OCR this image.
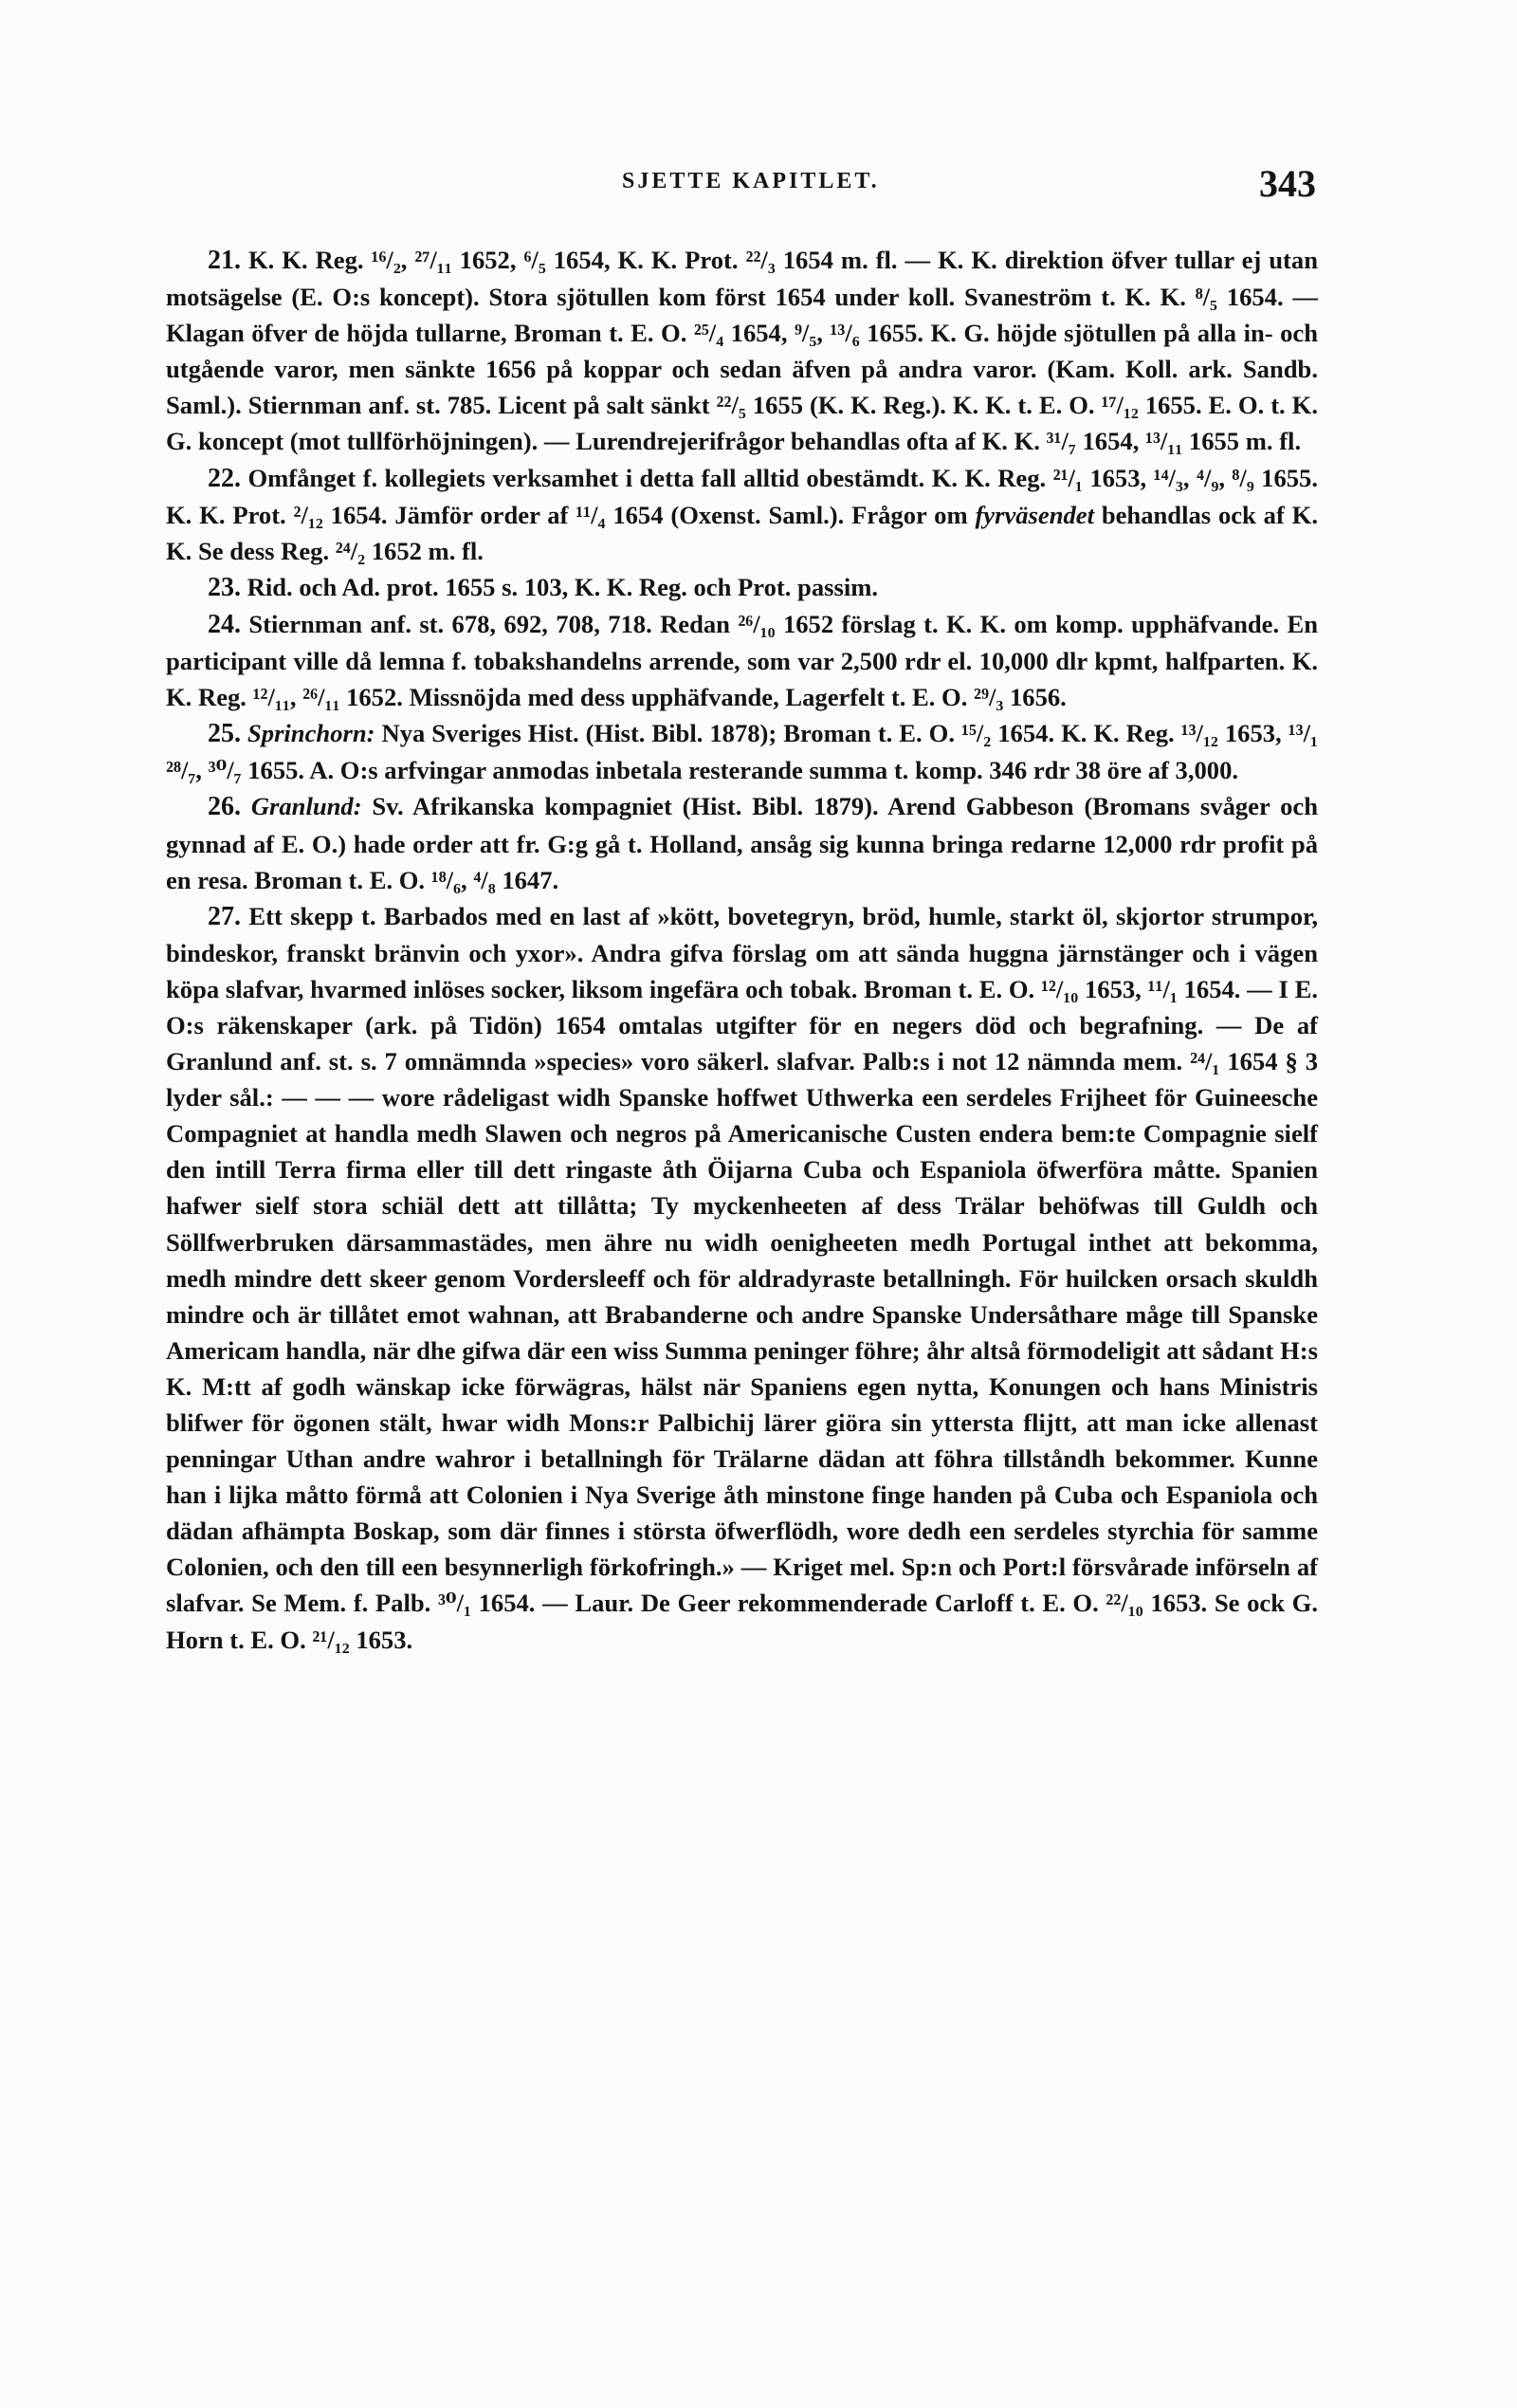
SJETTE KAPITLET.	343

21. K. K. Reg. ¹⁶/₂, ²⁷/₁₁ 1652, ⁶/₅ 1654, K. K. Prot. ²²/₃ 1654 m. fl. — K. K. direktion öfver tullar ej utan motsägelse (E. O:s koncept). Stora sjötullen kom först 1654 under koll. Svaneström t. K. K. ⁸/₅ 1654. — Klagan öfver de höjda tullarne, Broman t. E. O. ²⁵/₄ 1654, ⁹/₅, ¹³/₆ 1655. K. G. höjde sjötullen på alla in- och utgående varor, men sänkte 1656 på koppar och sedan äfven på andra varor. (Kam. Koll. ark. Sandb. Saml.). Stiernman anf. st. 785. Licent på salt sänkt ²²/₅ 1655 (K. K. Reg.). K. K. t. E. O. ¹⁷/₁₂ 1655. E. O. t. K. G. koncept (mot tullförhöjningen). — Lurendrejerifrågor behandlas ofta af K. K. ³¹/₇ 1654, ¹³/₁₁ 1655 m. fl.

22. Omfånget f. kollegiets verksamhet i detta fall alltid obestämdt. K. K. Reg. ²¹/₁ 1653, ¹⁴/₃, ⁴/₉, ⁸/₉ 1655. K. K. Prot. ²/₁₂ 1654. Jämför order af ¹¹/₄ 1654 (Oxenst. Saml.). Frågor om fyrväsendet behandlas ock af K. K. Se dess Reg. ²⁴/₂ 1652 m. fl.

23. Rid. och Ad. prot. 1655 s. 103, K. K. Reg. och Prot. passim.

24. Stiernman anf. st. 678, 692, 708, 718. Redan ²⁶/₁₀ 1652 förslag t. K. K. om komp. upphäfvande. En participant ville då lemna f. tobakshandelns arrende, som var 2,500 rdr el. 10,000 dlr kpmt, halfparten. K. K. Reg. ¹²/₁₁, ²⁶/₁₁ 1652. Missnöjda med dess upphäfvande, Lagerfelt t. E. O. ²⁹/₃ 1656.

25. Sprinchorn: Nya Sveriges Hist. (Hist. Bibl. 1878); Broman t. E. O. ¹⁵/₂ 1654. K. K. Reg. ¹³/₁₂ 1653, ¹³/₁ ²⁸/₇, ³⁰/₇ 1655. A. O:s arfvingar anmodas inbetala resterande summa t. komp. 346 rdr 38 öre af 3,000.

26. Granlund: Sv. Afrikanska kompagniet (Hist. Bibl. 1879). Arend Gabbeson (Bromans svåger och gynnad af E. O.) hade order att fr. G:g gå t. Holland, ansåg sig kunna bringa redarne 12,000 rdr profit på en resa. Broman t. E. O. ¹⁸/₆, ⁴/₈ 1647.

27. Ett skepp t. Barbados med en last af »kött, bovetegryn, bröd, humle, starkt öl, skjortor strumpor, bindeskor, franskt bränvin och yxor». Andra gifva förslag om att sända huggna järnstänger och i vägen köpa slafvar, hvarmed inlöses socker, liksom ingefära och tobak. Broman t. E. O. ¹²/₁₀ 1653, ¹¹/₁ 1654. — I E. O:s räkenskaper (ark. på Tidön) 1654 omtalas utgifter för en negers död och begrafning. — De af Granlund anf. st. s. 7 omnämnda »species» voro säkerl. slafvar. Palb:s i not 12 nämnda mem. ²⁴/₁ 1654 § 3 lyder sål.: — — — wore rådeligast widh Spanske hoffwet Uthwerka een serdeles Frijheet för Guineesche Compagniet at handla medh Slawen och negros på Americanische Custen endera bem:te Compagnie sielf den intill Terra firma eller till dett ringaste åth Öijarna Cuba och Espaniola öfwerföra måtte. Spanien hafwer sielf stora schiäl dett att tillåtta; Ty myckenheeten af dess Trälar behöfwas till Guldh och Söllfwerbruken därsammastädes, men ähre nu widh oenigheeten medh Portugal inthet att bekomma, medh mindre dett skeer genom Vordersleeff och för aldradyraste betallningh. För huilcken orsach skuldh mindre och är tillåtet emot wahnan, att Brabanderne och andre Spanske Undersåthare måge till Spanske Americam handla, när dhe gifwa där een wiss Summa peninger föhre; åhr altså förmodeligit att sådant H:s K. M:tt af godh wänskap icke förwägras, hälst när Spaniens egen nytta, Konungen och hans Ministris blifwer för ögonen stält, hwar widh Mons:r Palbichij lärer giöra sin yttersta flijtt, att man icke allenast penningar Uthan andre wahror i betallningh för Trälarne dädan att föhra tillståndh bekommer. Kunne han i lijka måtto förmå att Colonien i Nya Sverige åth minstone finge handen på Cuba och Espaniola och dädan afhämpta Boskap, som där finnes i största öfwerflödh, wore dedh een serdeles styrchia för samme Colonien, och den till een besynnerligh förkofringh.» — Kriget mel. Sp:n och Port:l försvårade införseln af slafvar. Se Mem. f. Palb. ³⁰/₁ 1654. — Laur. De Geer rekommenderade Carloff t. E. O. ²²/₁₀ 1653. Se ock G. Horn t. E. O. ²¹/₁₂ 1653.
